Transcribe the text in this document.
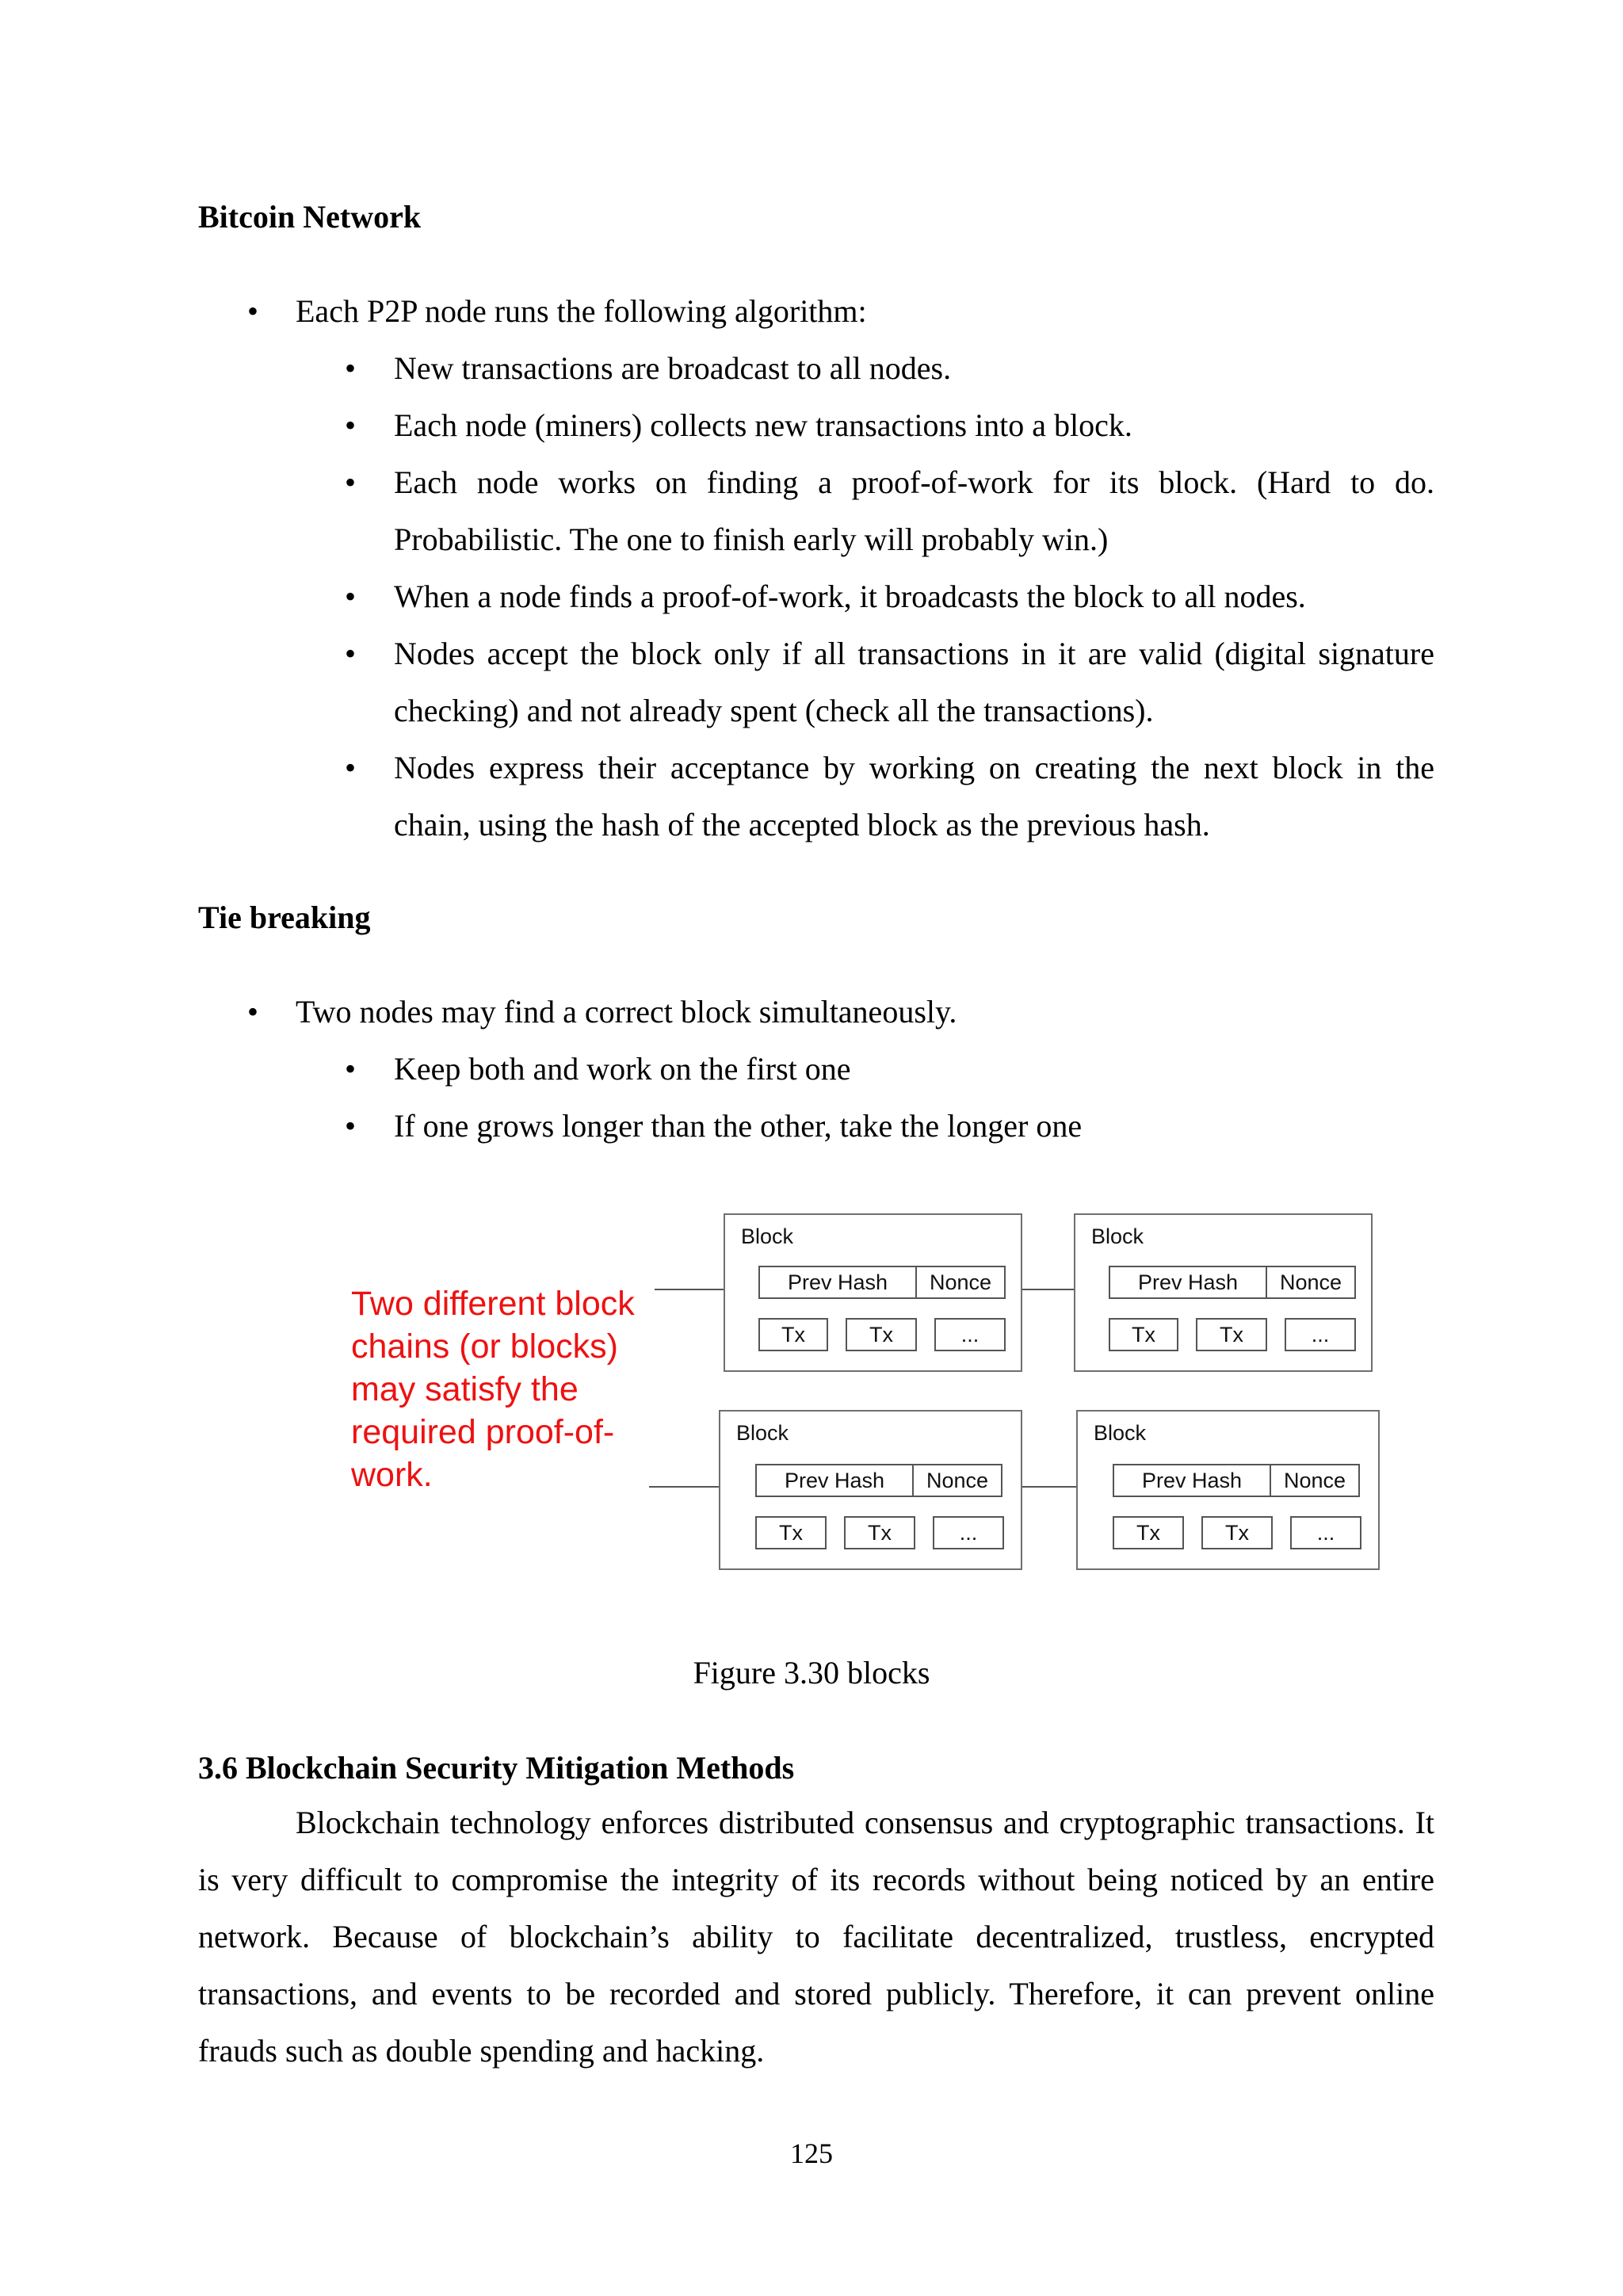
Bitcoin Network
• Each P2P node runs the following algorithm:
• New transactions are broadcast to all nodes.
• Each node (miners) collects new transactions into a block.
• Each node works on finding a proof-of-work for its block. (Hard to do. Probabilistic. The one to finish early will probably win.)
• When a node finds a proof-of-work, it broadcasts the block to all nodes.
• Nodes accept the block only if all transactions in it are valid (digital signature checking) and not already spent (check all the transactions).
• Nodes express their acceptance by working on creating the next block in the chain, using the hash of the accepted block as the previous hash.
Tie breaking
• Two nodes may find a correct block simultaneously.
• Keep both and work on the first one
• If one grows longer than the other, take the longer one
Two different block chains (or blocks) may satisfy the required proof-of-work.
Block
Prev Hash	Nonce
Tx	Tx	...
Block
Prev Hash	Nonce
Tx	Tx	...
Block
Prev Hash	Nonce
Tx	Tx	...
Block
Prev Hash	Nonce
Tx	Tx	...
Figure 3.30 blocks
3.6 Blockchain Security Mitigation Methods
Blockchain technology enforces distributed consensus and cryptographic transactions. It is very difficult to compromise the integrity of its records without being noticed by an entire network. Because of blockchain’s ability to facilitate decentralized, trustless, encrypted transactions, and events to be recorded and stored publicly. Therefore, it can prevent online frauds such as double spending and hacking.
125
